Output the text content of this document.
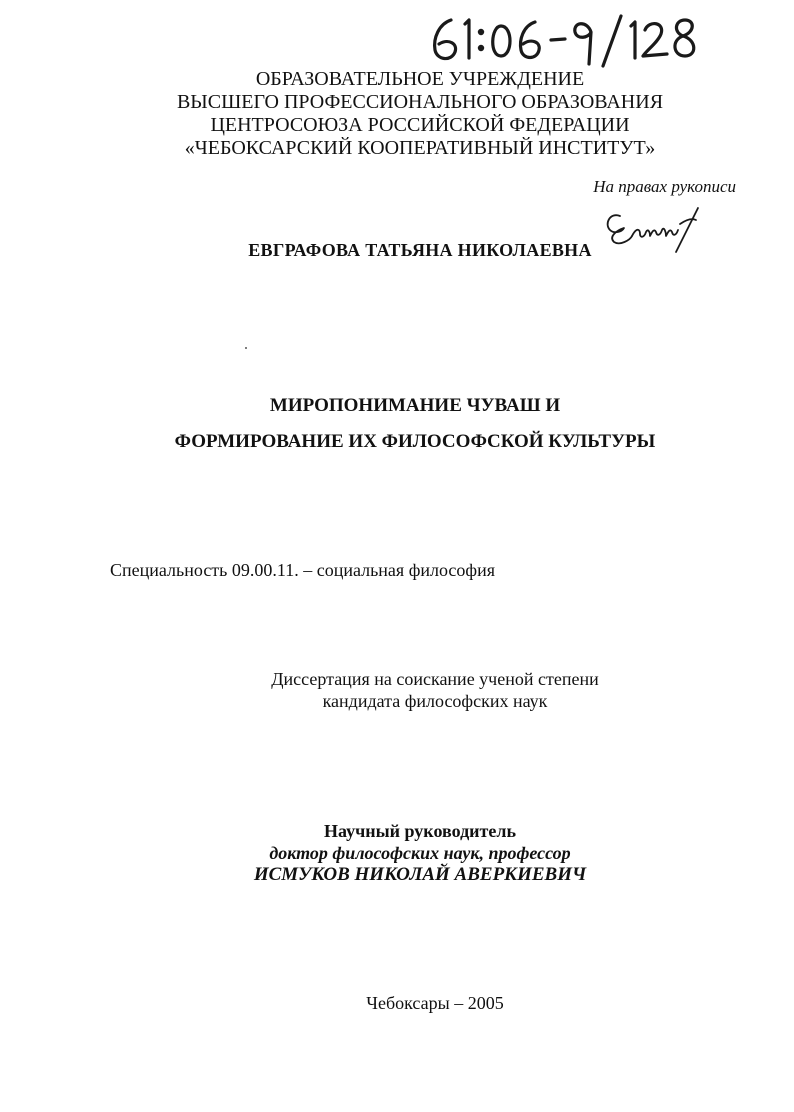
ОБРАЗОВАТЕЛЬНОЕ УЧРЕЖДЕНИЕ
ВЫСШЕГО ПРОФЕССИОНАЛЬНОГО ОБРАЗОВАНИЯ
ЦЕНТРОСОЮЗА РОССИЙСКОЙ ФЕДЕРАЦИИ
«ЧЕБОКСАРСКИЙ КООПЕРАТИВНЫЙ ИНСТИТУТ»
На правах рукописи
ЕВГРАФОВА ТАТЬЯНА НИКОЛАЕВНА
МИРОПОНИМАНИЕ ЧУВАШ И
ФОРМИРОВАНИЕ ИХ ФИЛОСОФСКОЙ КУЛЬТУРЫ
Специальность 09.00.11. – социальная философия
Диссертация на соискание ученой степени
кандидата философских наук
Научный руководитель
доктор философских наук, профессор
ИСМУКОВ НИКОЛАЙ АВЕРКИЕВИЧ
Чебоксары – 2005
